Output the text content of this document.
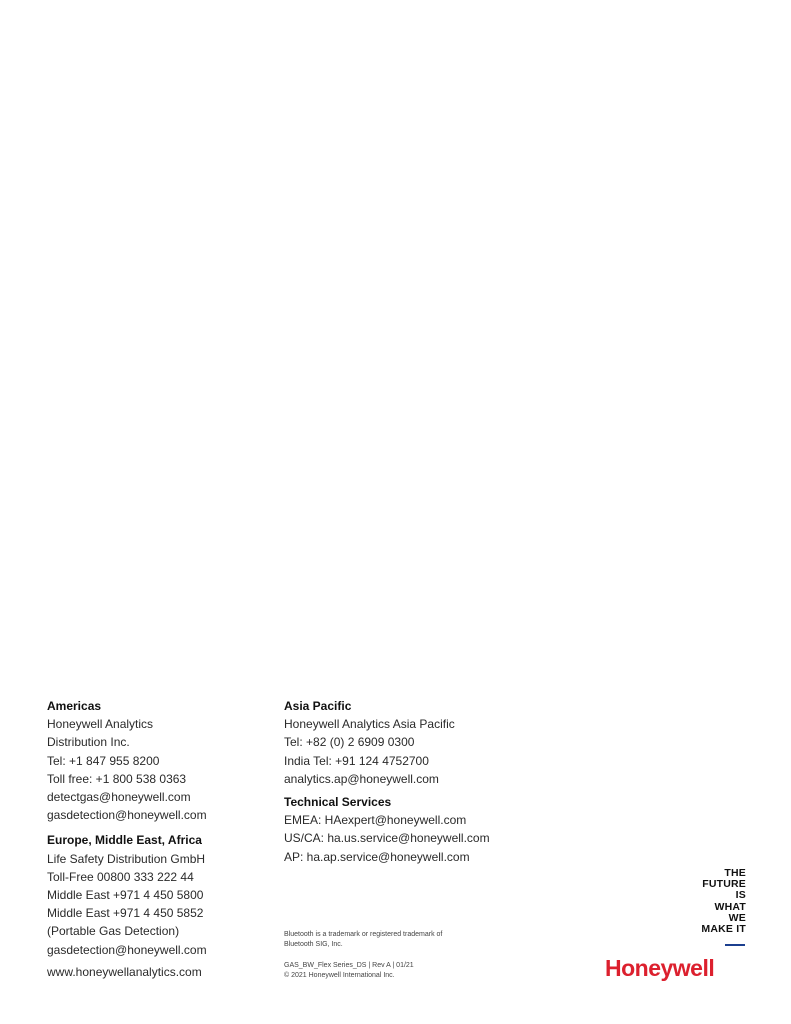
Americas
Honeywell Analytics
Distribution Inc.
Tel: +1 847 955 8200
Toll free: +1 800 538 0363
detectgas@honeywell.com
gasdetection@honeywell.com
Europe, Middle East, Africa
Life Safety Distribution GmbH
Toll-Free 00800 333 222 44
Middle East +971 4 450 5800
Middle East +971 4 450 5852
(Portable Gas Detection)
gasdetection@honeywell.com
www.honeywellanalytics.com
Asia Pacific
Honeywell Analytics Asia Pacific
Tel: +82 (0) 2 6909 0300
India Tel: +91 124 4752700
analytics.ap@honeywell.com
Technical Services
EMEA: HAexpert@honeywell.com
US/CA: ha.us.service@honeywell.com
AP: ha.ap.service@honeywell.com
Bluetooth is a trademark or registered trademark of
Bluetooth SIG, Inc.
GAS_BW_Flex Series_DS | Rev A | 01/21
© 2021 Honeywell International Inc.
THE
FUTURE
IS
WHAT
WE
MAKE IT
Honeywell
